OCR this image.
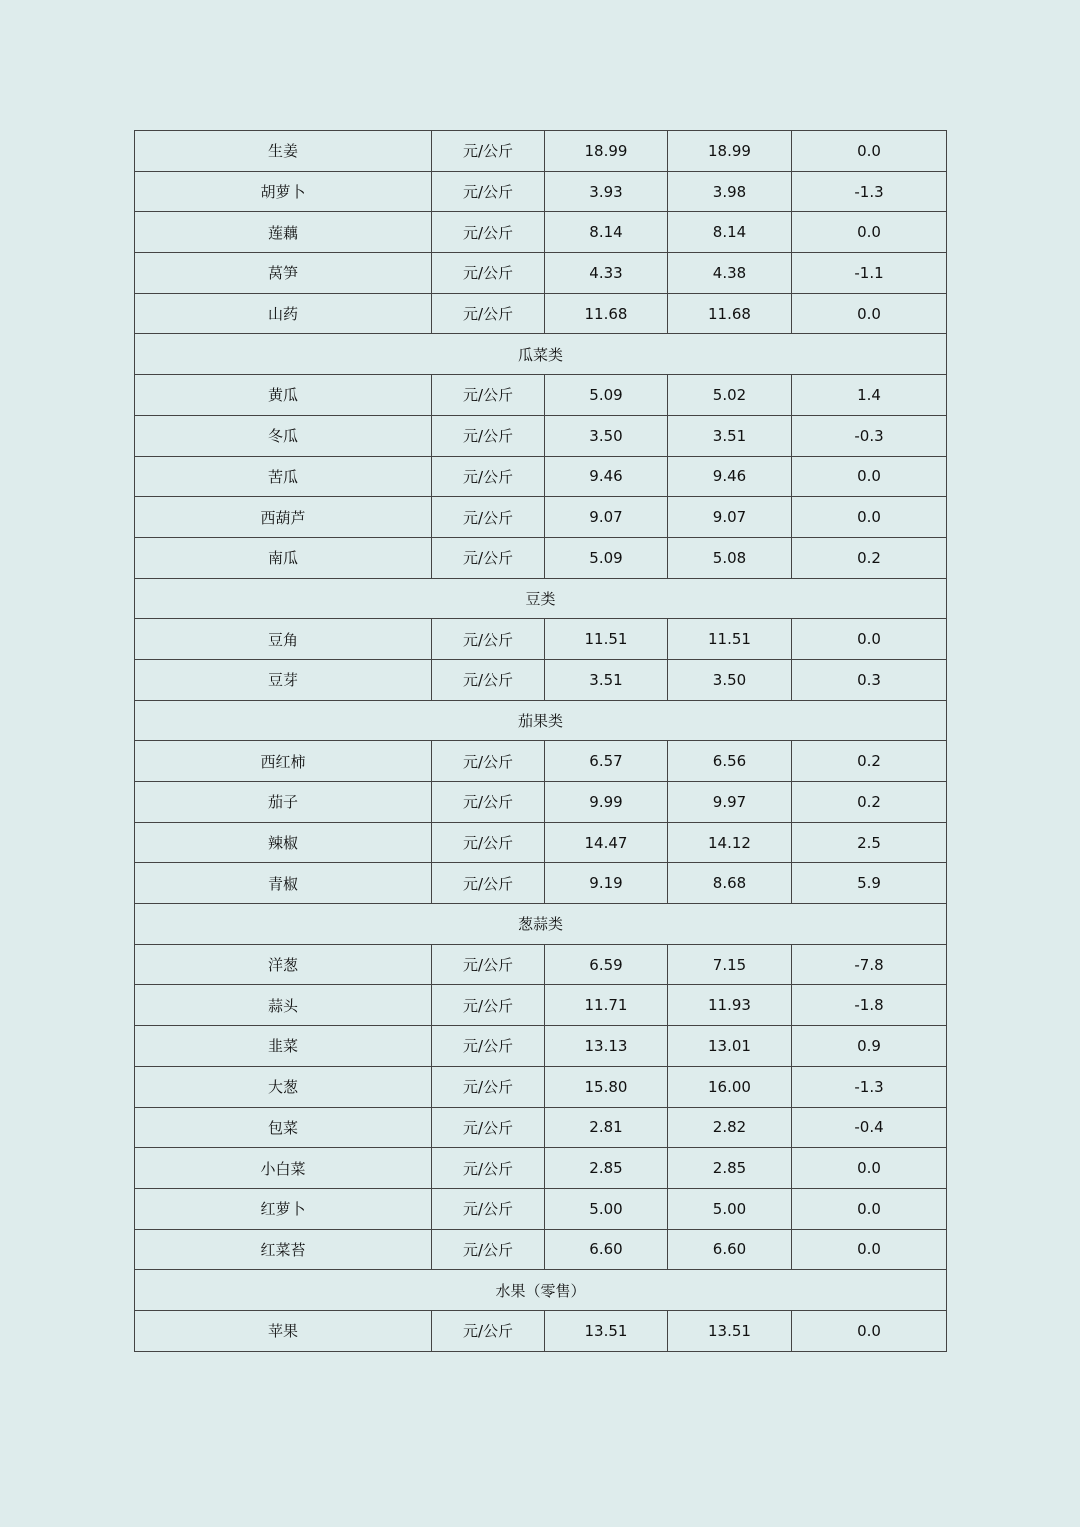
生姜	元/公斤	18.99	18.99	0.0
胡萝卜	元/公斤	3.93	3.98	-1.3
莲藕	元/公斤	8.14	8.14	0.0
莴笋	元/公斤	4.33	4.38	-1.1
山药	元/公斤	11.68	11.68	0.0
瓜菜类				
黄瓜	元/公斤	5.09	5.02	1.4
冬瓜	元/公斤	3.50	3.51	-0.3
苦瓜	元/公斤	9.46	9.46	0.0
西葫芦	元/公斤	9.07	9.07	0.0
南瓜	元/公斤	5.09	5.08	0.2
豆类				
豆角	元/公斤	11.51	11.51	0.0
豆芽	元/公斤	3.51	3.50	0.3
茄果类				
西红柿	元/公斤	6.57	6.56	0.2
茄子	元/公斤	9.99	9.97	0.2
辣椒	元/公斤	14.47	14.12	2.5
青椒	元/公斤	9.19	8.68	5.9
葱蒜类				
洋葱	元/公斤	6.59	7.15	-7.8
蒜头	元/公斤	11.71	11.93	-1.8
韭菜	元/公斤	13.13	13.01	0.9
大葱	元/公斤	15.80	16.00	-1.3
包菜	元/公斤	2.81	2.82	-0.4
小白菜	元/公斤	2.85	2.85	0.0
红萝卜	元/公斤	5.00	5.00	0.0
红菜苔	元/公斤	6.60	6.60	0.0
水果（零售）				
苹果	元/公斤	13.51	13.51	0.0
